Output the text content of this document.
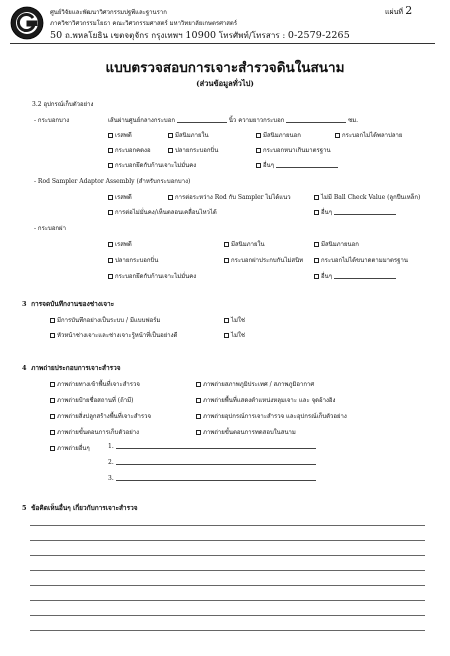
ศูนย์วิจัยและพัฒนาวิศวกรรมปฐพีและฐานราก
ภาควิชาวิศวกรรมโยธา คณะวิศวกรรมศาสตร์ มหาวิทยาลัยเกษตรศาสตร์
50 ถ.พหลโยธิน เขตจตุจักร กรุงเทพฯ 10900 โทรศัพท์/โทรสาร : 0-2579-2265
แผ่นที่ 2
แบบตรวจสอบการเจาะสำรวจดินในสนาม
(ส่วนข้อมูลทั่วไป)
3.2 อุปกรณ์เก็บตัวอย่าง
- กระบอกบาง	เส้นผ่านศูนย์กลางกระบอก	นิ้ว ความยาวกระบอก	ซม.
เรสพดี	มีสนิมภายใน	มีสนิมภายนอก	กระบอกไม่ได้พลาปลาย
กระบอกคดงอ	ปลายกระบอกบิ่น	กระบอกหนาเกินมาตรฐาน
กระบอกยึดกับก้านเจาะไม่มั่นคง	อื่นๆ
- Rod Sampler Adaptor Assembly (สำหรับกระบอกบาง)
เรสพดี	การต่อระหว่าง Rod กับ Sampler ไม่ได้แนว	ไม่มี Ball Check Value (ลูกปืนเหล็ก)
การต่อไม่มั่นคง/เห็นตลอนเคลื่อนไหวได้	อื่นๆ
- กระบอกผ่า
เรสพดี	มีสนิมภายใน	มีสนิมภายนอก
ปลายกระบอกบิ่น	กระบอกผ่าประกบกันไม่สนิท	กระบอกไม่ได้ขนาดตามมาตรฐาน
กระบอกยึดกับก้านเจาะไม่มั่นคง	อื่นๆ
3 การจดบันทึกงานของช่างเจาะ
มีการบันทึกอย่างเป็นระบบ / มีแบบฟอร์ม	ไม่ใช่
หัวหน้าช่างเจาะและช่างเจาะรู้หน้าที่เป็นอย่างดี	ไม่ใช่
4 ภาพถ่ายประกอบการเจาะสำรวจ
ภาพถ่ายทางเข้าพื้นที่เจาะสำรวจ	ภาพถ่ายสภาพภูมิประเทศ / สภาพภูมิอากาศ
ภาพถ่ายป้ายชื่อสถานที่ (ถ้ามี)	ภาพถ่ายพื้นที่แสดงตำแหน่งหลุมเจาะ และ จุดอ้างอิง
ภาพถ่ายสิ่งปลูกสร้างพื้นที่เจาะสำรวจ	ภาพถ่ายอุปกรณ์การเจาะสำรวจ และอุปกรณ์เก็บตัวอย่าง
ภาพถ่ายขั้นตอนการเก็บตัวอย่าง	ภาพถ่ายขั้นตอนการทดสอบในสนาม
ภาพถ่ายอื่นๆ	1.
2.
3.
5 ข้อคิดเห็นอื่นๆ เกี่ยวกับการเจาะสำรวจ
